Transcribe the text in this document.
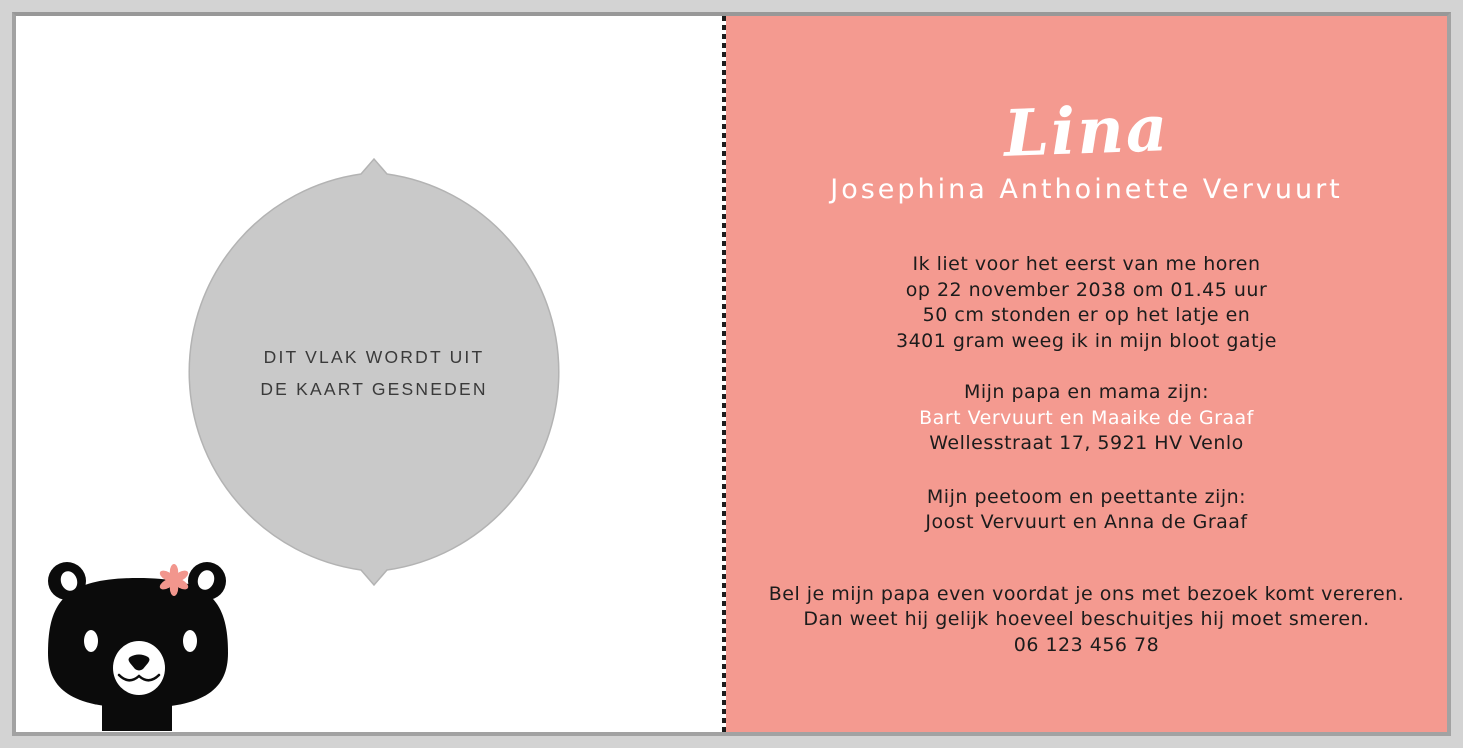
DIT VLAK WORDT UIT
DE KAART GESNEDEN
Lina
Josephina Anthoinette Vervuurt
Ik liet voor het eerst van me horen
op 22 november 2038 om 01.45 uur
50 cm stonden er op het latje en
3401 gram weeg ik in mijn bloot gatje
Mijn papa en mama zijn:
Bart Vervuurt en Maaike de Graaf
Wellesstraat 17, 5921 HV Venlo
Mijn peetoom en peettante zijn:
Joost Vervuurt en Anna de Graaf
Bel je mijn papa even voordat je ons met bezoek komt vereren.
Dan weet hij gelijk hoeveel beschuitjes hij moet smeren.
06 123 456 78
